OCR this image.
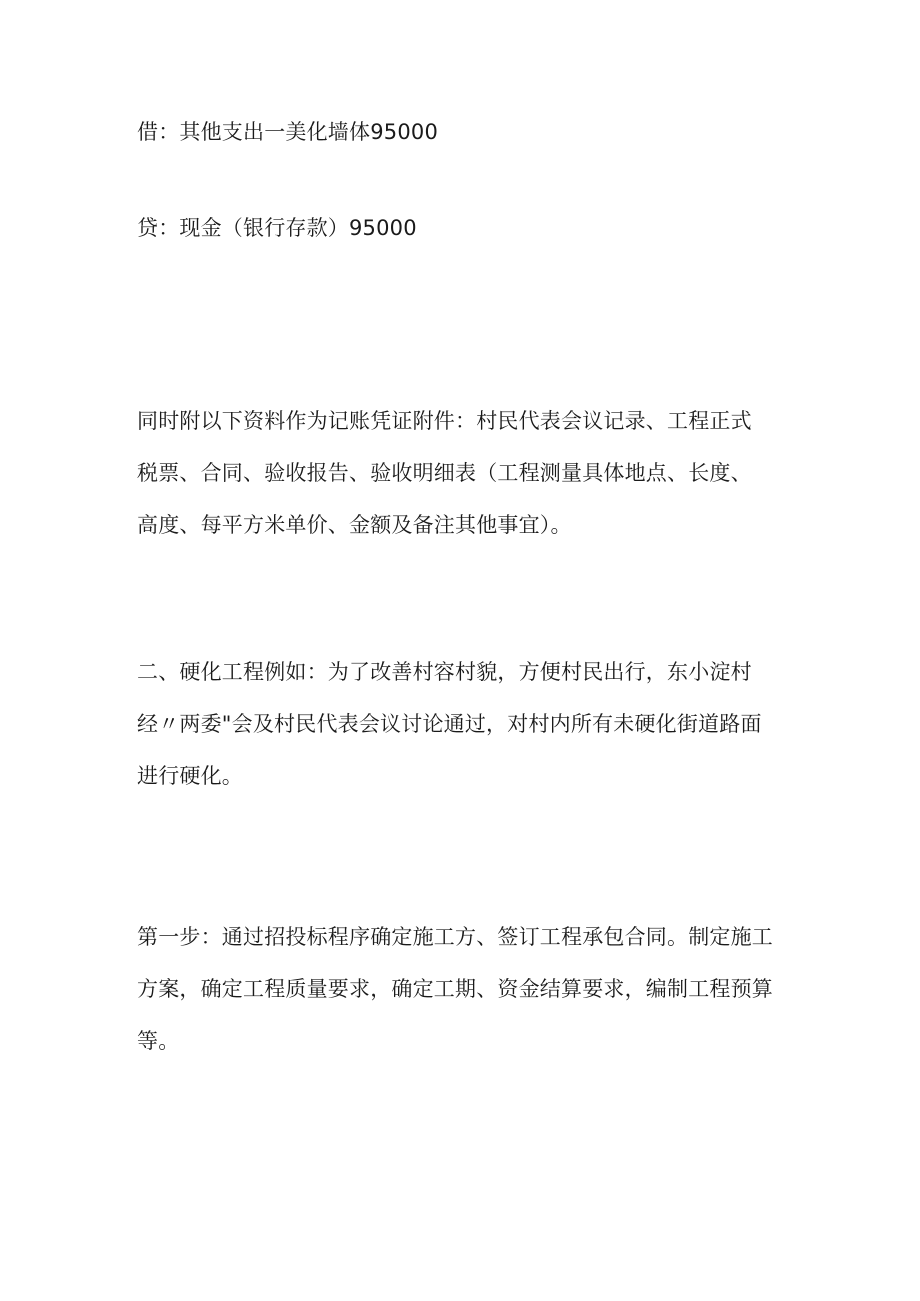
借：其他支出一美化墙体95000

贷：现金（银行存款）95000

同时附以下资料作为记账凭证附件：村民代表会议记录、工程正式
税票、合同、验收报告、验收明细表（工程测量具体地点、长度、
高度、每平方米单价、金额及备注其他事宜）。

二、硬化工程例如：为了改善村容村貌，方便村民出行，东小淀村
经〃两委"会及村民代表会议讨论通过，对村内所有未硬化街道路面
进行硬化。

第一步：通过招投标程序确定施工方、签订工程承包合同。制定施工
方案，确定工程质量要求，确定工期、资金结算要求，编制工程预算
等。
